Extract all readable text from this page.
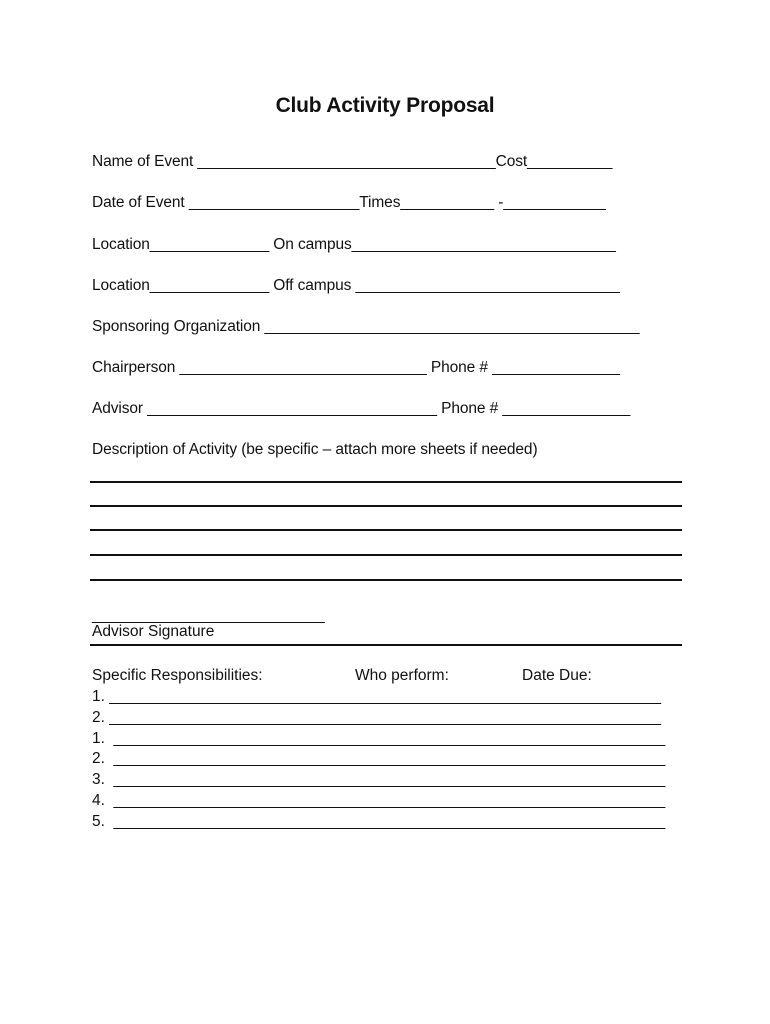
Club Activity Proposal
Name of Event ___________________________________Cost__________
Date of Event ____________________Times___________ -____________
Location______________ On campus_______________________________
Location______________ Off campus _______________________________
Sponsoring Organization ____________________________________________
Chairperson _____________________________ Phone # _______________
Advisor __________________________________ Phone # _______________
Description of Activity (be specific – attach more sheets if needed)
___________________________
Advisor Signature
Specific Responsibilities:	Who perform:	Date Due:
1. ________________________________________________________________
2. ________________________________________________________________
1.  ________________________________________________________________
2.  ________________________________________________________________
3.  ________________________________________________________________
4.  ________________________________________________________________
5.  ________________________________________________________________
